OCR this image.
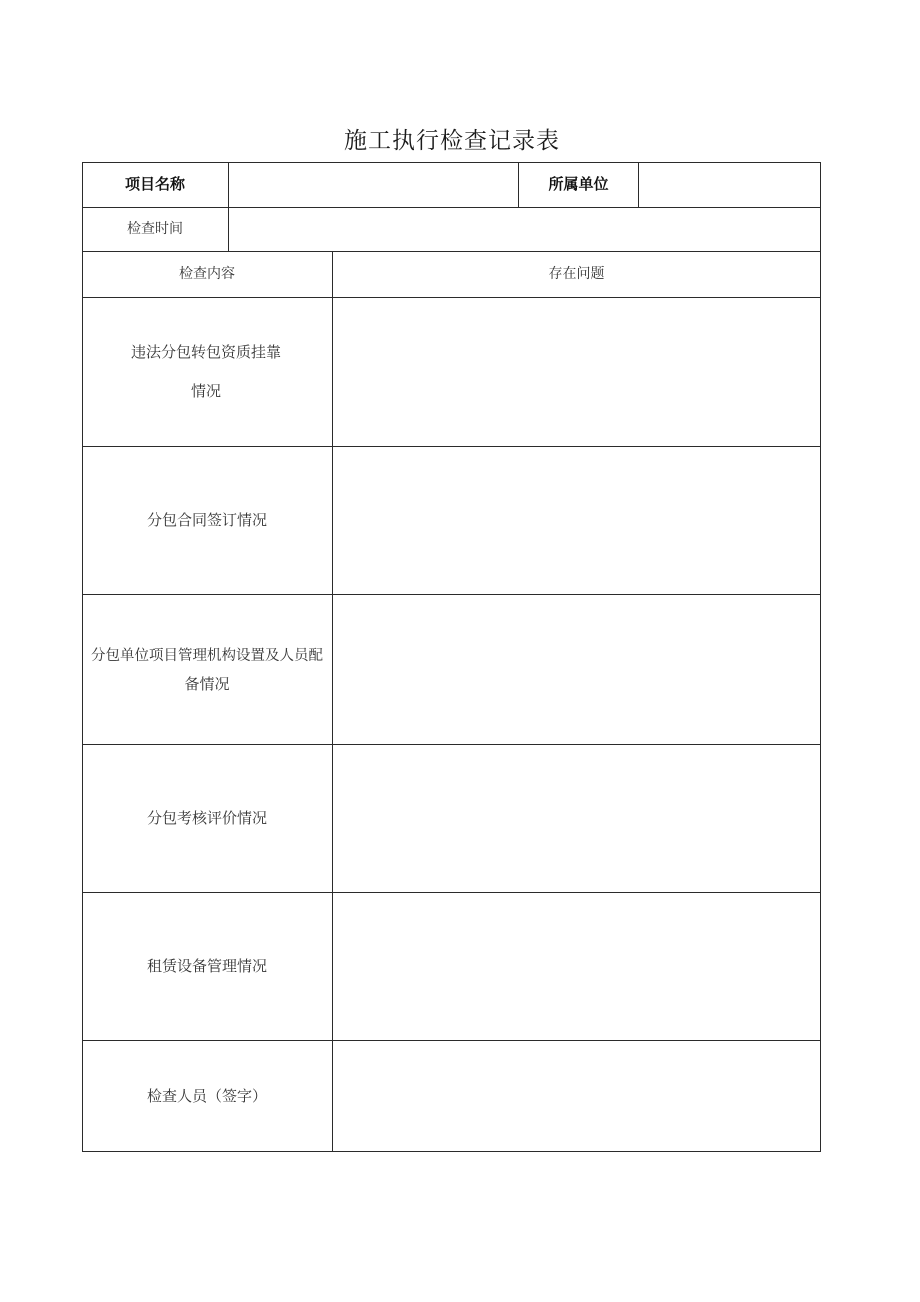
施工执行检查记录表
项目名称	所属单位
检查时间
检查内容	存在问题
违法分包转包资质挂靠
情况
分包合同签订情况
分包单位项目管理机构设置及人员配
备情况
分包考核评价情况
租赁设备管理情况
检查人员（签字）
